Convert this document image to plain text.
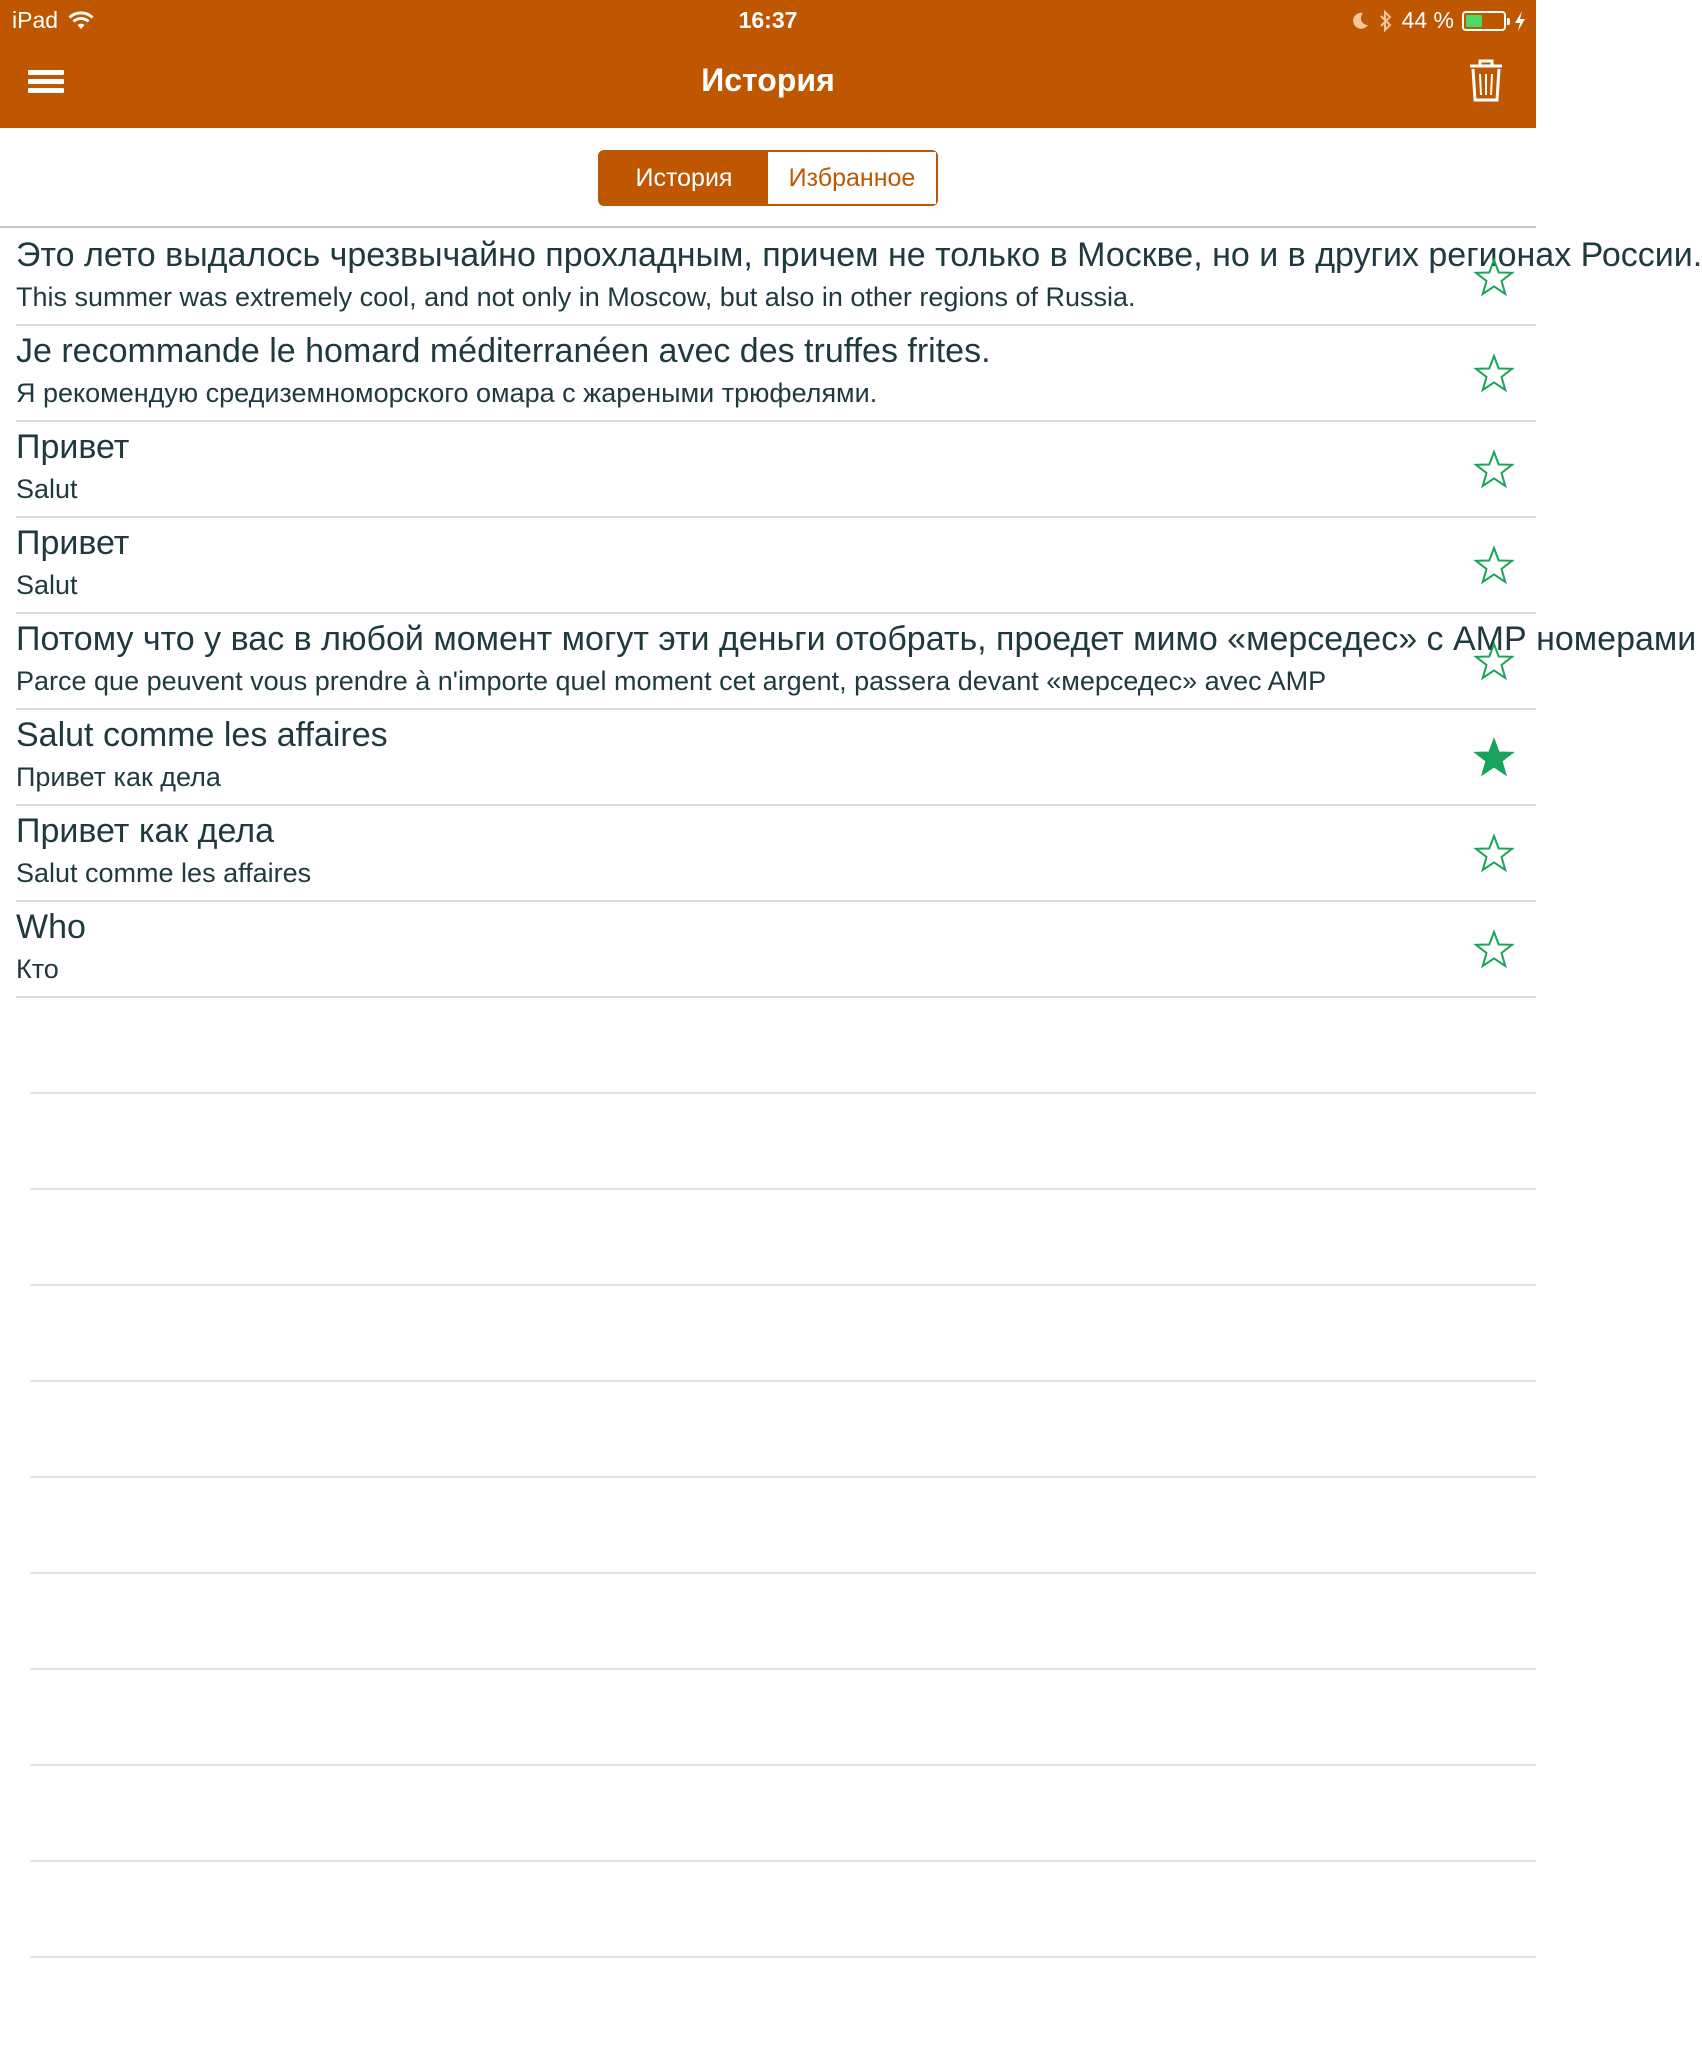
iPad	16:37	44 %
История
История	Избранное
Это лето выдалось чрезвычайно прохладным, причем не только в Москве, но и в других регионах России.
This summer was extremely cool, and not only in Moscow, but also in other regions of Russia.
Je recommande le homard méditerranéen avec des truffes frites.
Я рекомендую средиземноморского омара с жареными трюфелями.
Привет
Salut
Привет
Salut
Потому что у вас в любой момент могут эти деньги отобрать, проедет мимо «мерседес» с АМР номерами
Parce que peuvent vous prendre à n'importe quel moment cet argent, passera devant «мерседес» avec AMP
Salut comme les affaires
Привет как дела
Привет как дела
Salut comme les affaires
Who
Кто
